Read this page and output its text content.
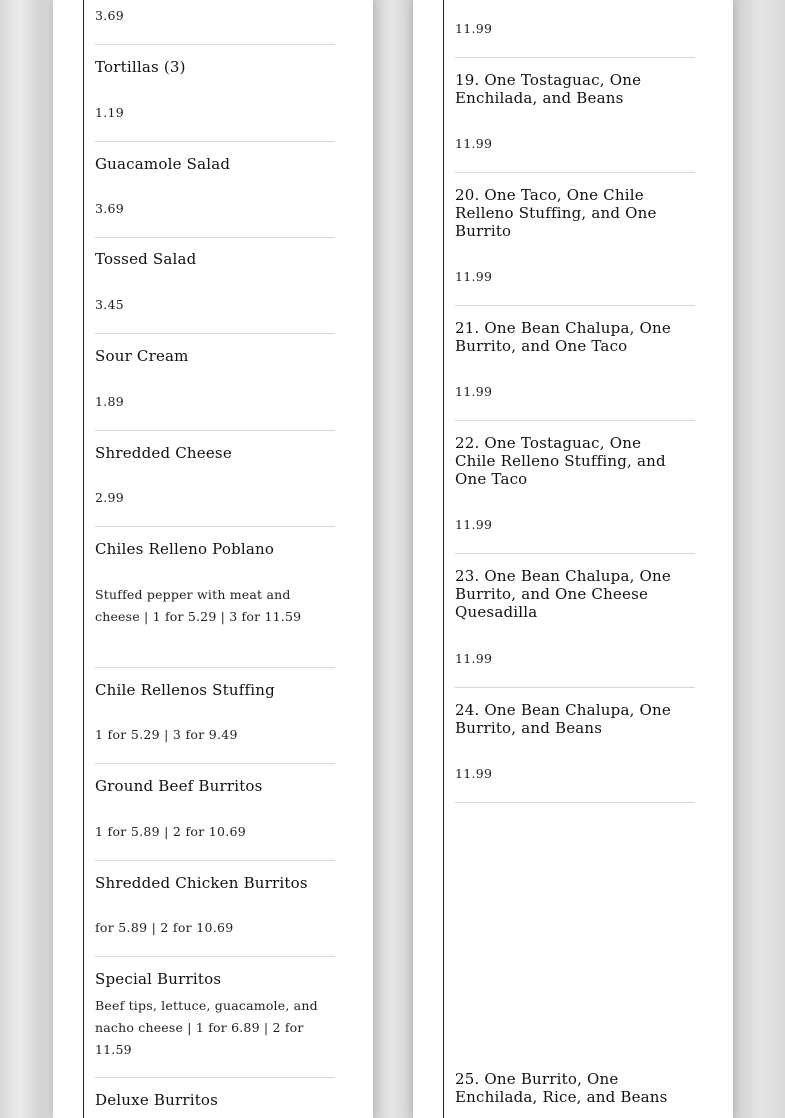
3.69
Tortillas (3)
1.19
Guacamole Salad
3.69
Tossed Salad
3.45
Sour Cream
1.89
Shredded Cheese
2.99
Chiles Relleno Poblano
Stuffed pepper with meat and cheese | 1 for 5.29 | 3 for 11.59
Chile Rellenos Stuffing
1 for 5.29 | 3 for 9.49
Ground Beef Burritos
1 for 5.89 | 2 for 10.69
Shredded Chicken Burritos
for 5.89 | 2 for 10.69
Special Burritos
Beef tips, lettuce, guacamole, and nacho cheese | 1 for 6.89 | 2 for 11.59
Deluxe Burritos
11.99
19. One Tostaguac, One Enchilada, and Beans
11.99
20. One Taco, One Chile Relleno Stuffing, and One Burrito
11.99
21. One Bean Chalupa, One Burrito, and One Taco
11.99
22. One Tostaguac, One Chile Relleno Stuffing, and One Taco
11.99
23. One Bean Chalupa, One Burrito, and One Cheese Quesadilla
11.99
24. One Bean Chalupa, One Burrito, and Beans
11.99
25. One Burrito, One Enchilada, Rice, and Beans
